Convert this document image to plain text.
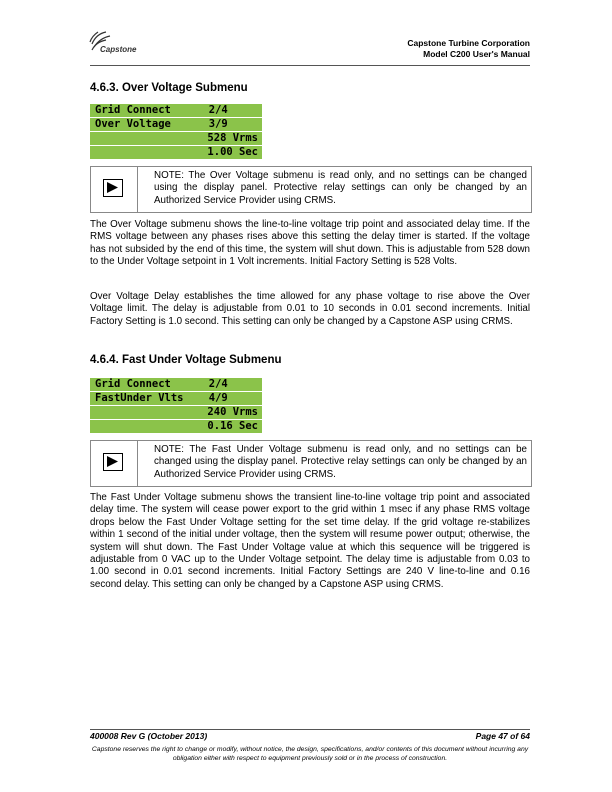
Capstone
Capstone Turbine Corporation
Model C200 User's Manual
4.6.3. Over Voltage Submenu
Grid Connect      2/4
Over Voltage      3/9
528 Vrms
1.00 Sec
NOTE: The Over Voltage submenu is read only, and no settings can be changed using the display panel. Protective relay settings can only be changed by an Authorized Service Provider using CRMS.

The Over Voltage submenu shows the line-to-line voltage trip point and associated delay time. If the RMS voltage between any phases rises above this setting the delay timer is started. If the voltage has not subsided by the end of this time, the system will shut down. This is adjustable from 528 down to the Under Voltage setpoint in 1 Volt increments. Initial Factory Setting is 528 Volts.

Over Voltage Delay establishes the time allowed for any phase voltage to rise above the Over Voltage limit. The delay is adjustable from 0.01 to 10 seconds in 0.01 second increments. Initial Factory Setting is 1.0 second. This setting can only be changed by a Capstone ASP using CRMS.

4.6.4. Fast Under Voltage Submenu
Grid Connect      2/4
FastUnder Vlts    4/9
240 Vrms
0.16 Sec
NOTE: The Fast Under Voltage submenu is read only, and no settings can be changed using the display panel. Protective relay settings can only be changed by an Authorized Service Provider using CRMS.

The Fast Under Voltage submenu shows the transient line-to-line voltage trip point and associated delay time. The system will cease power export to the grid within 1 msec if any phase RMS voltage drops below the Fast Under Voltage setting for the set time delay. If the grid voltage re-stabilizes within 1 second of the initial under voltage, then the system will resume power output; otherwise, the system will shut down. The Fast Under Voltage value at which this sequence will be triggered is adjustable from 0 VAC up to the Under Voltage setpoint. The delay time is adjustable from 0.03 to 1.00 second in 0.01 second increments. Initial Factory Settings are 240 V line-to-line and 0.16 second delay. This setting can only be changed by a Capstone ASP using CRMS.

400008 Rev G (October 2013)	Page 47 of 64
Capstone reserves the right to change or modify, without notice, the design, specifications, and/or contents of this document without incurring any obligation either with respect to equipment previously sold or in the process of construction.
